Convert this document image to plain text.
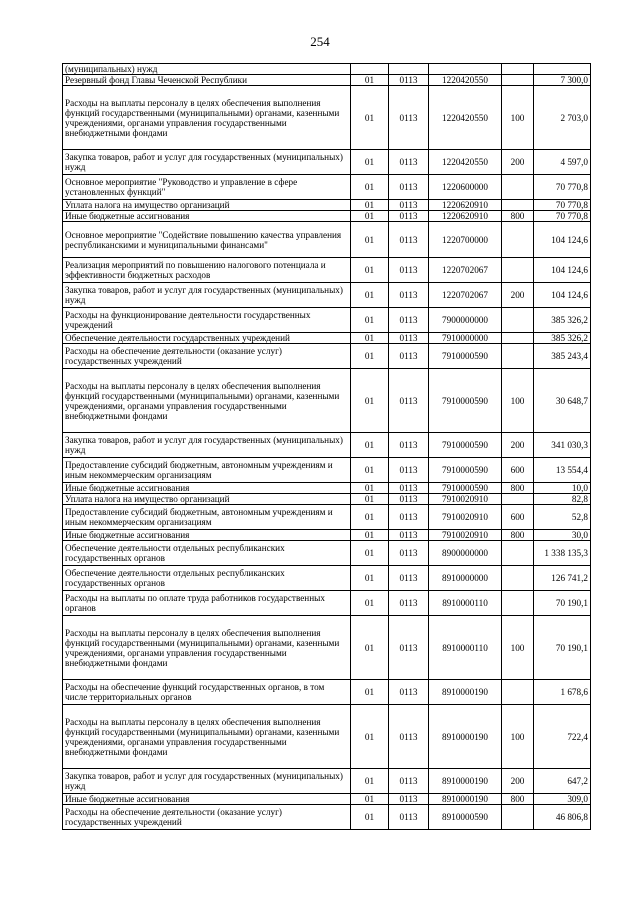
254
(муниципальных) нужд					
Резервный фонд Главы Чеченской Республики	01	0113	1220420550		7 300,0
Расходы на выплаты персоналу в целях обеспечения выполнения функций государственными (муниципальными) органами, казенными учреждениями, органами управления государственными внебюджетными фондами	01	0113	1220420550	100	2 703,0
Закупка товаров, работ и услуг для государственных (муниципальных) нужд	01	0113	1220420550	200	4 597,0
Основное мероприятие "Руководство и управление в сфере установленных функций"	01	0113	1220600000		70 770,8
Уплата налога на имущество организаций	01	0113	1220620910		70 770,8
Иные бюджетные ассигнования	01	0113	1220620910	800	70 770,8
Основное мероприятие "Содействие повышению качества управления республиканскими и муниципальными финансами"	01	0113	1220700000		104 124,6
Реализация мероприятий по повышению налогового потенциала и эффективности бюджетных расходов	01	0113	1220702067		104 124,6
Закупка товаров, работ и услуг для государственных (муниципальных) нужд	01	0113	1220702067	200	104 124,6
Расходы на функционирование деятельности государственных учреждений	01	0113	7900000000		385 326,2
Обеспечение деятельности государственных учреждений	01	0113	7910000000		385 326,2
Расходы на обеспечение деятельности (оказание услуг) государственных учреждений	01	0113	7910000590		385 243,4
Расходы на выплаты персоналу в целях обеспечения выполнения функций государственными (муниципальными) органами, казенными учреждениями, органами управления государственными внебюджетными фондами	01	0113	7910000590	100	30 648,7
Закупка товаров, работ и услуг для государственных (муниципальных) нужд	01	0113	7910000590	200	341 030,3
Предоставление субсидий бюджетным, автономным учреждениям и иным некоммерческим организациям	01	0113	7910000590	600	13 554,4
Иные бюджетные ассигнования	01	0113	7910000590	800	10,0
Уплата налога на имущество организаций	01	0113	7910020910		82,8
Предоставление субсидий бюджетным, автономным учреждениям и иным некоммерческим организациям	01	0113	7910020910	600	52,8
Иные бюджетные ассигнования	01	0113	7910020910	800	30,0
Обеспечение деятельности отдельных республиканских государственных органов	01	0113	8900000000		1 338 135,3
Обеспечение деятельности отдельных республиканских государственных органов	01	0113	8910000000		126 741,2
Расходы на выплаты по оплате труда работников государственных органов	01	0113	8910000110		70 190,1
Расходы на выплаты персоналу в целях обеспечения выполнения функций государственными (муниципальными) органами, казенными учреждениями, органами управления государственными внебюджетными фондами	01	0113	8910000110	100	70 190,1
Расходы на обеспечение функций государственных органов, в том числе территориальных органов	01	0113	8910000190		1 678,6
Расходы на выплаты персоналу в целях обеспечения выполнения функций государственными (муниципальными) органами, казенными учреждениями, органами управления государственными внебюджетными фондами	01	0113	8910000190	100	722,4
Закупка товаров, работ и услуг для государственных (муниципальных) нужд	01	0113	8910000190	200	647,2
Иные бюджетные ассигнования	01	0113	8910000190	800	309,0
Расходы на обеспечение деятельности (оказание услуг) государственных учреждений	01	0113	8910000590		46 806,8
